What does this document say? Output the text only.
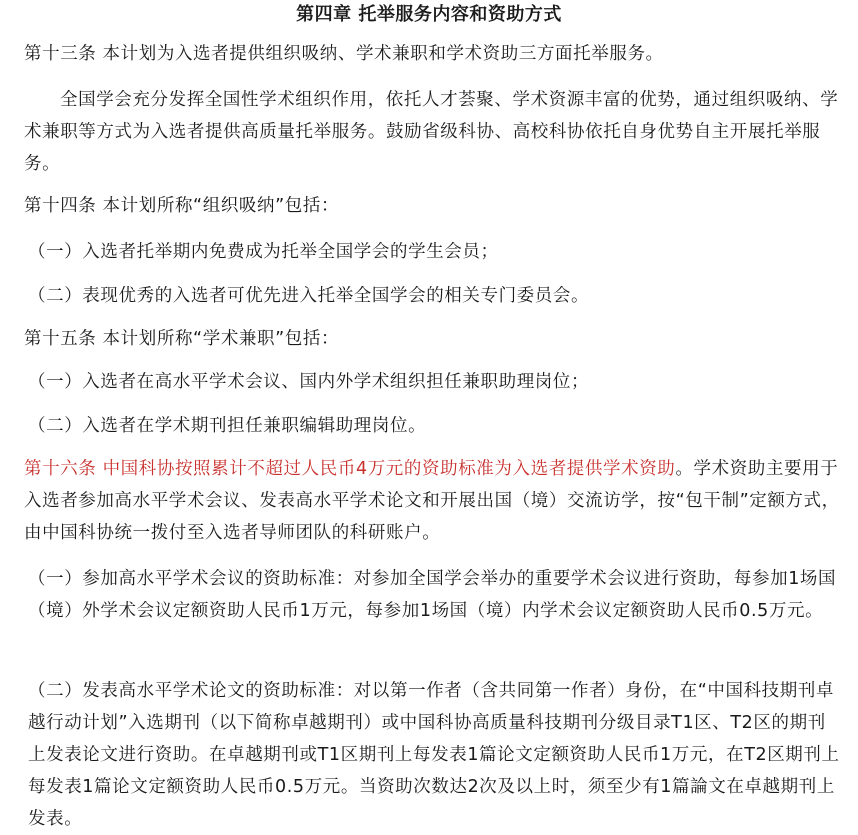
第四章 托举服务内容和资助方式
第十三条 本计划为入选者提供组织吸纳、学术兼职和学术资助三方面托举服务。
全国学会充分发挥全国性学术组织作用，依托人才荟聚、学术资源丰富的优势，通过组织吸纳、学术兼职等方式为入选者提供高质量托举服务。鼓励省级科协、高校科协依托自身优势自主开展托举服务。
第十四条 本计划所称“组织吸纳”包括：
（一）入选者托举期内免费成为托举全国学会的学生会员；
（二）表现优秀的入选者可优先进入托举全国学会的相关专门委员会。
第十五条 本计划所称“学术兼职”包括：
（一）入选者在高水平学术会议、国内外学术组织担任兼职助理岗位；
（二）入选者在学术期刊担任兼职编辑助理岗位。
第十六条 中国科协按照累计不超过人民币4万元的资助标准为入选者提供学术资助。学术资助主要用于入选者参加高水平学术会议、发表高水平学术论文和开展出国（境）交流访学，按“包干制”定额方式，由中国科协统一拨付至入选者导师团队的科研账户。
（一）参加高水平学术会议的资助标准：对参加全国学会举办的重要学术会议进行资助，每参加1场国（境）外学术会议定额资助人民币1万元，每参加1场国（境）内学术会议定额资助人民币0.5万元。
（二）发表高水平学术论文的资助标准：对以第一作者（含共同第一作者）身份，在“中国科技期刊卓越行动计划”入选期刊（以下简称卓越期刊）或中国科协高质量科技期刊分级目录T1区、T2区的期刊上发表论文进行资助。在卓越期刊或T1区期刊上每发表1篇论文定额资助人民币1万元，在T2区期刊上每发表1篇论文定额资助人民币0.5万元。当资助次数达2次及以上时，须至少有1篇論文在卓越期刊上发表。
